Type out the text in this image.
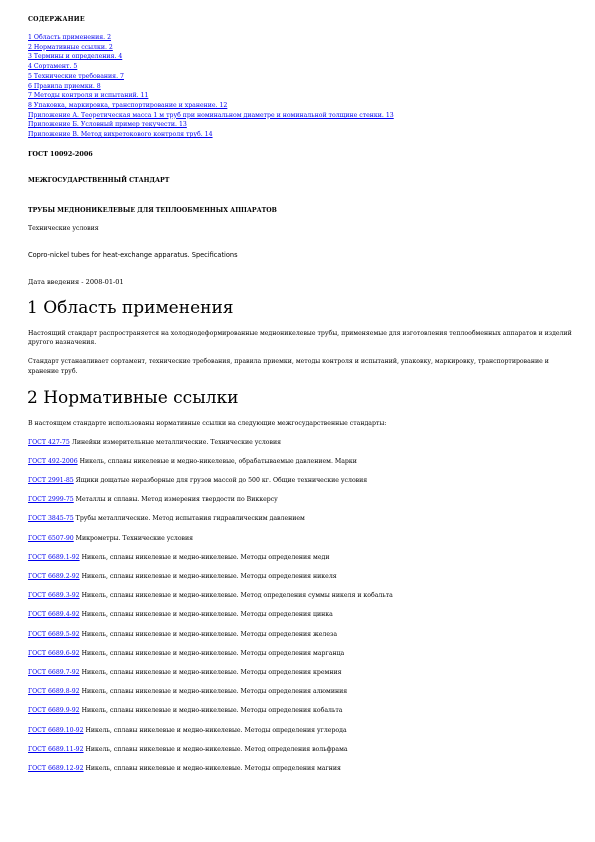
СОДЕРЖАНИЕ
1 Область применения. 2
2 Нормативные ссылки. 2
3 Термины и определения. 4
4 Сортамент. 5
5 Технические требования. 7
6 Правила приемки. 8
7 Методы контроля и испытаний. 11
8 Упаковка, маркировка, транспортирование и хранение. 12
Приложение А. Теоретическая масса 1 м труб при номинальном диаметре и номинальной толщине стенки. 13
Приложение Б. Условный пример текучести. 13
Приложение В. Метод вихретокового контроля труб. 14
ГОСТ 10092-2006
МЕЖГОСУДАРСТВЕННЫЙ СТАНДАРТ
ТРУБЫ МЕДНОНИКЕЛЕВЫЕ ДЛЯ ТЕПЛООБМЕННЫХ АППАРАТОВ
Технические условия
Copro-nickel tubes for heat-exchange apparatus. Specifications
Дата введения - 2008-01-01
1 Область применения

Настоящий стандарт распространяется на холоднодеформированные медноникелевые трубы, применяемые для изготовления теплообменных аппаратов и изделий другого назначения.

Стандарт устанавливает сортамент, технические требования, правила приемки, методы контроля и испытаний, упаковку, маркировку, транспортирование и хранение труб.

2 Нормативные ссылки

В настоящем стандарте использованы нормативные ссылки на следующие межгосударственные стандарты:

ГОСТ 427-75 Линейки измерительные металлические. Технические условия
ГОСТ 492-2006 Никель, сплавы никелевые и медно-никелевые, обрабатываемые давлением. Марки
ГОСТ 2991-85 Ящики дощатые неразборные для грузов массой до 500 кг. Общие технические условия
ГОСТ 2999-75 Металлы и сплавы. Метод измерения твердости по Виккерсу
ГОСТ 3845-75 Трубы металлические. Метод испытания гидравлическим давлением
ГОСТ 6507-90 Микрометры. Технические условия
ГОСТ 6689.1-92 Никель, сплавы никелевые и медно-никелевые. Методы определения меди
ГОСТ 6689.2-92 Никель, сплавы никелевые и медно-никелевые. Методы определения никеля
ГОСТ 6689.3-92 Никель, сплавы никелевые и медно-никелевые. Метод определения суммы никеля и кобальта
ГОСТ 6689.4-92 Никель, сплавы никелевые и медно-никелевые. Методы определения цинка
ГОСТ 6689.5-92 Никель, сплавы никелевые и медно-никелевые. Методы определения железа
ГОСТ 6689.6-92 Никель, сплавы никелевые и медно-никелевые. Методы определения марганца
ГОСТ 6689.7-92 Никель, сплавы никелевые и медно-никелевые. Методы определения кремния
ГОСТ 6689.8-92 Никель, сплавы никелевые и медно-никелевые. Методы определения алюминия
ГОСТ 6689.9-92 Никель, сплавы никелевые и медно-никелевые. Методы определения кобальта
ГОСТ 6689.10-92 Никель, сплавы никелевые и медно-никелевые. Методы определения углерода
ГОСТ 6689.11-92 Никель, сплавы никелевые и медно-никелевые. Метод определения вольфрама
ГОСТ 6689.12-92 Никель, сплавы никелевые и медно-никелевые. Методы определения магния
